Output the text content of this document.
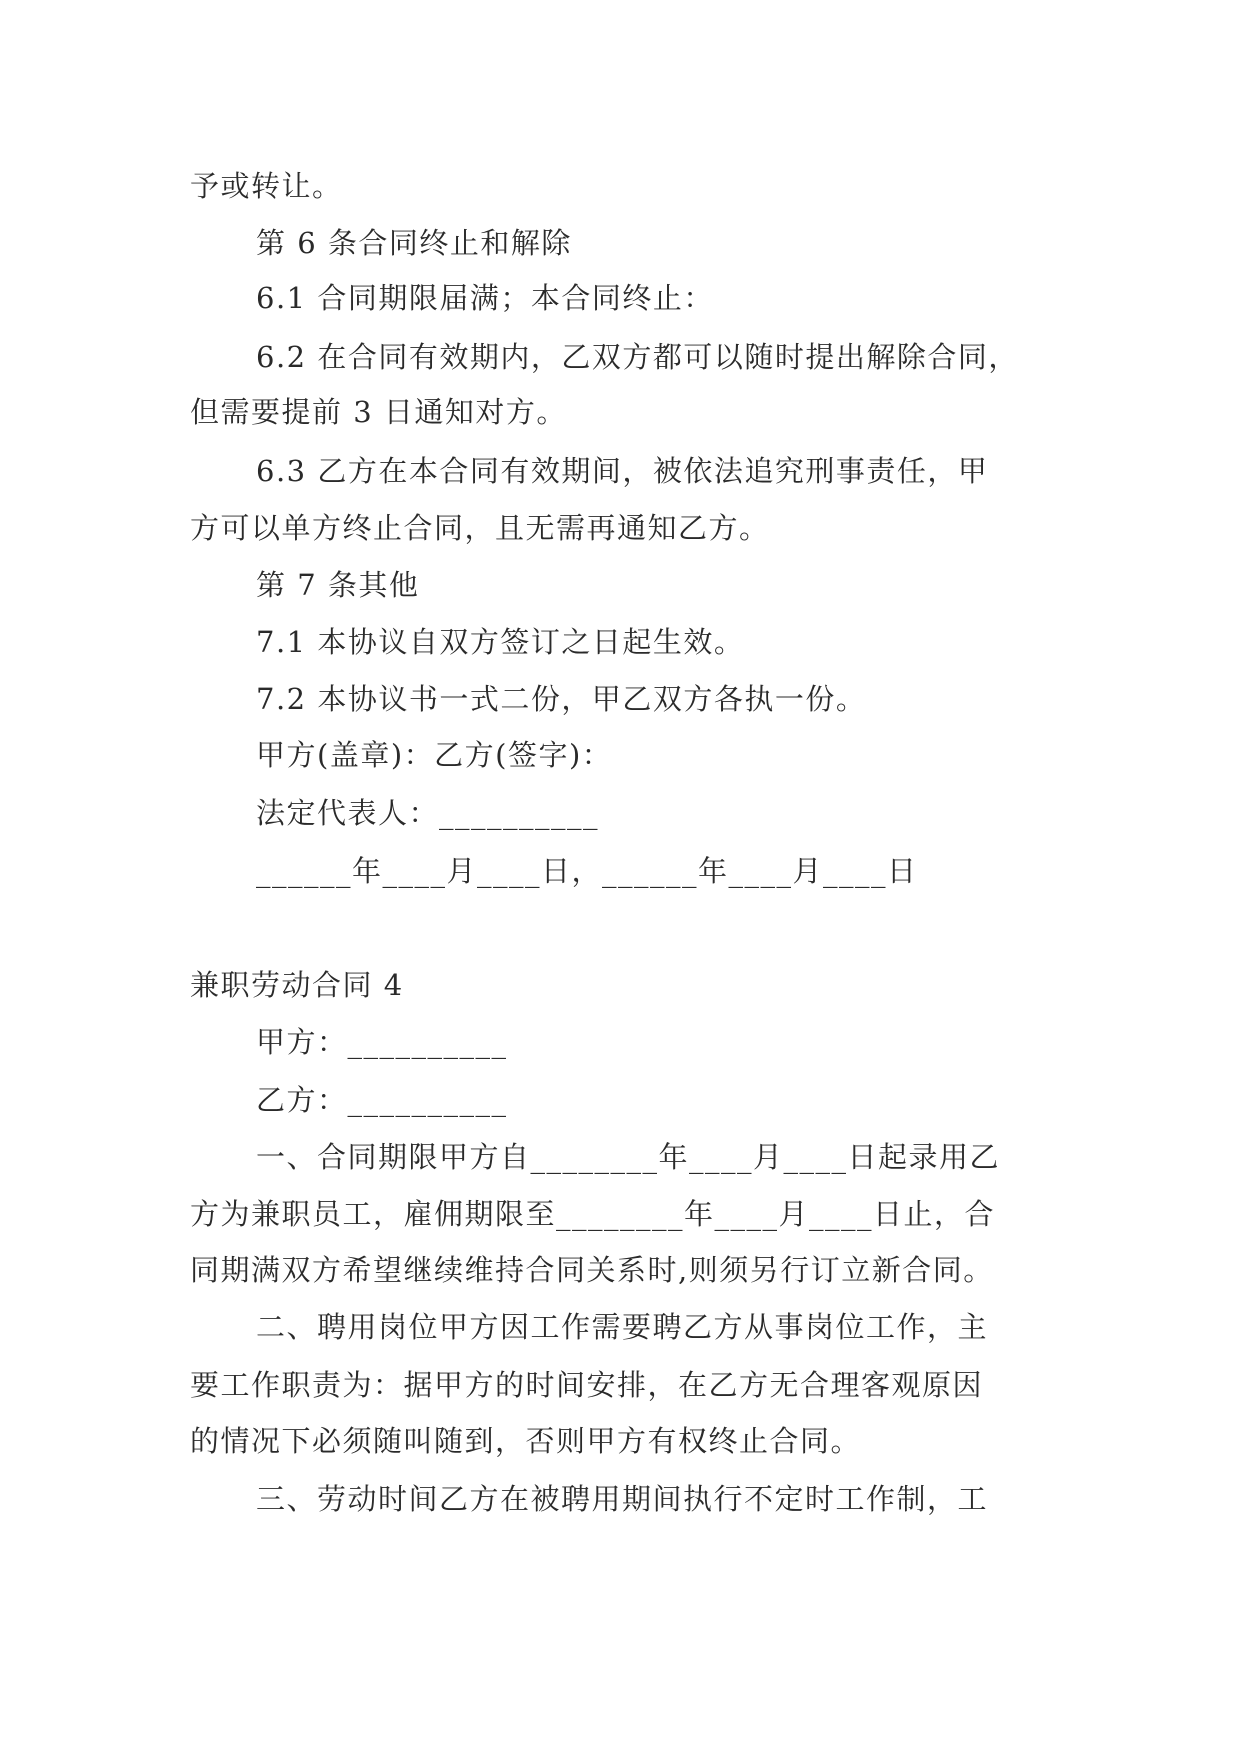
予或转让。
第 6 条合同终止和解除
6.1 合同期限届满；本合同终止：
6.2 在合同有效期内，乙双方都可以随时提出解除合同，
但需要提前 3 日通知对方。
6.3 乙方在本合同有效期间，被依法追究刑事责任，甲
方可以单方终止合同，且无需再通知乙方。
第 7 条其他
7.1 本协议自双方签订之日起生效。
7.2 本协议书一式二份，甲乙双方各执一份。
甲方(盖章)：乙方(签字)：
法定代表人：__________
______年____月____日，______年____月____日
兼职劳动合同 4
甲方：__________
乙方：__________
一、合同期限甲方自________年____月____日起录用乙
方为兼职员工，雇佣期限至________年____月____日止，合
同期满双方希望继续维持合同关系时,则须另行订立新合同。
二、聘用岗位甲方因工作需要聘乙方从事岗位工作，主
要工作职责为：据甲方的时间安排，在乙方无合理客观原因
的情况下必须随叫随到，否则甲方有权终止合同。
三、劳动时间乙方在被聘用期间执行不定时工作制，工
